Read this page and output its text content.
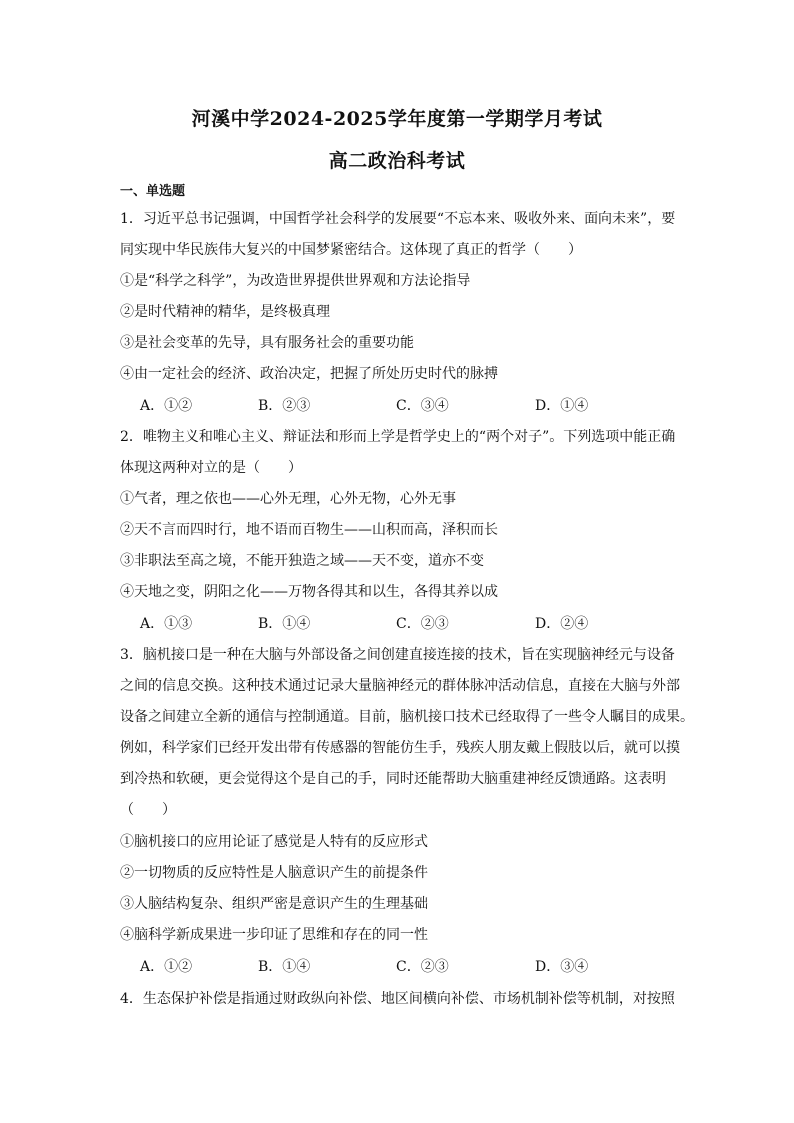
河溪中学2024-2025学年度第一学期学月考试
高二政治科考试
一、单选题
1．习近平总书记强调，中国哲学社会科学的发展要“不忘本来、吸收外来、面向未来”，要
同实现中华民族伟大复兴的中国梦紧密结合。这体现了真正的哲学（　　）
①是“科学之科学”，为改造世界提供世界观和方法论指导
②是时代精神的精华，是终极真理
③是社会变革的先导，具有服务社会的重要功能
④由一定社会的经济、政治决定，把握了所处历史时代的脉搏
A．①②	B．②③	C．③④	D．①④
2．唯物主义和唯心主义、辩证法和形而上学是哲学史上的“两个对子”。下列选项中能正确
体现这两种对立的是（　　）
①气者，理之依也——心外无理，心外无物，心外无事
②天不言而四时行，地不语而百物生——山积而高，泽积而长
③非职法至高之境，不能开独造之域——天不变，道亦不变
④天地之变，阴阳之化——万物各得其和以生，各得其养以成
A．①③	B．①④	C．②③	D．②④
3．脑机接口是一种在大脑与外部设备之间创建直接连接的技术，旨在实现脑神经元与设备
之间的信息交换。这种技术通过记录大量脑神经元的群体脉冲活动信息，直接在大脑与外部
设备之间建立全新的通信与控制通道。目前，脑机接口技术已经取得了一些令人瞩目的成果。
例如，科学家们已经开发出带有传感器的智能仿生手，残疾人朋友戴上假肢以后，就可以摸
到冷热和软硬，更会觉得这个是自己的手，同时还能帮助大脑重建神经反馈通路。这表明
（　　）
①脑机接口的应用论证了感觉是人特有的反应形式
②一切物质的反应特性是人脑意识产生的前提条件
③人脑结构复杂、组织严密是意识产生的生理基础
④脑科学新成果进一步印证了思维和存在的同一性
A．①②	B．①④	C．②③	D．③④
4．生态保护补偿是指通过财政纵向补偿、地区间横向补偿、市场机制补偿等机制，对按照
